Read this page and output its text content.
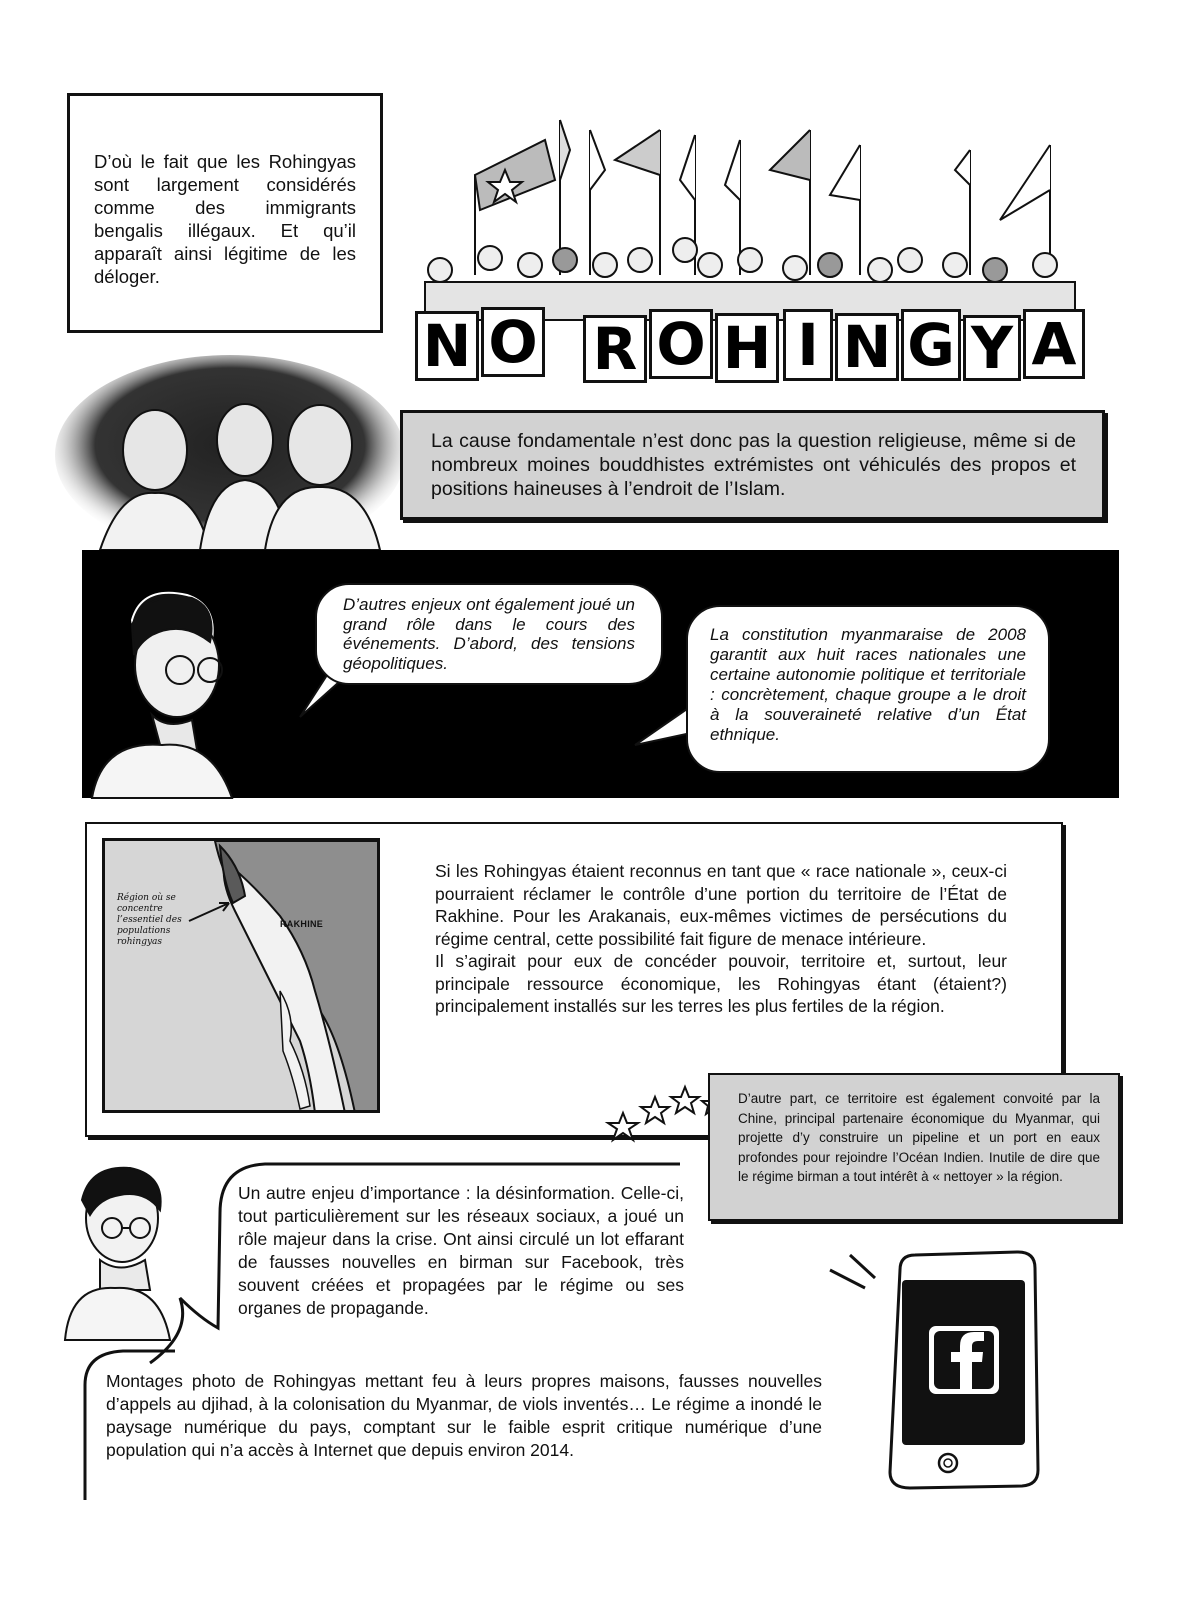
D’où le fait que les Rohingyas sont largement considérés comme des immigrants bengalis illégaux. Et qu’il apparaît ainsi légitime de les déloger.
N O R O H I N G Y A
La cause fondamentale n’est donc pas la question religieuse, même si de nombreux moines bouddhistes extrémistes ont véhiculés des propos et positions haineuses à l’endroit de l’Islam.
D’autres enjeux ont également joué un grand rôle dans le cours des événements. D’abord, des tensions géopolitiques.
La constitution myanmaraise de 2008 garantit aux huit races nationales une certaine autonomie politique et territoriale : concrètement, chaque groupe a le droit à la souveraineté relative d’un État ethnique.
Région où se concentre l’essentiel des populations rohingyas
RAKHINE
Si les Rohingyas étaient reconnus en tant que « race nationale », ceux-ci pourraient réclamer le contrôle d’une portion du territoire de l’État de Rakhine. Pour les Arakanais, eux-mêmes victimes de persécutions du régime central, cette possibilité fait figure de menace intérieure.
Il s’agirait pour eux de concéder pouvoir, territoire et, surtout, leur principale ressource économique, les Rohingyas étant (étaient?) principalement installés sur les terres les plus fertiles de la région.
D’autre part, ce territoire est également convoité par la Chine, principal partenaire économique du Myanmar, qui projette d’y construire un pipeline et un port en eaux profondes pour rejoindre l’Océan Indien. Inutile de dire que le régime birman a tout intérêt à « nettoyer » la région.
Un autre enjeu d’importance : la désinformation. Celle-ci, tout particulièrement sur les réseaux sociaux, a joué un rôle majeur dans la crise. Ont ainsi circulé un lot effarant de fausses nouvelles en birman sur Facebook, très souvent créées et propagées par le régime ou ses organes de propagande.
Montages photo de Rohingyas mettant feu à leurs propres maisons, fausses nouvelles d’appels au djihad, à la colonisation du Myanmar, de viols inventés… Le régime a inondé le paysage numérique du pays, comptant sur le faible esprit critique numérique d’une population qui n’a accès à Internet que depuis environ 2014.
